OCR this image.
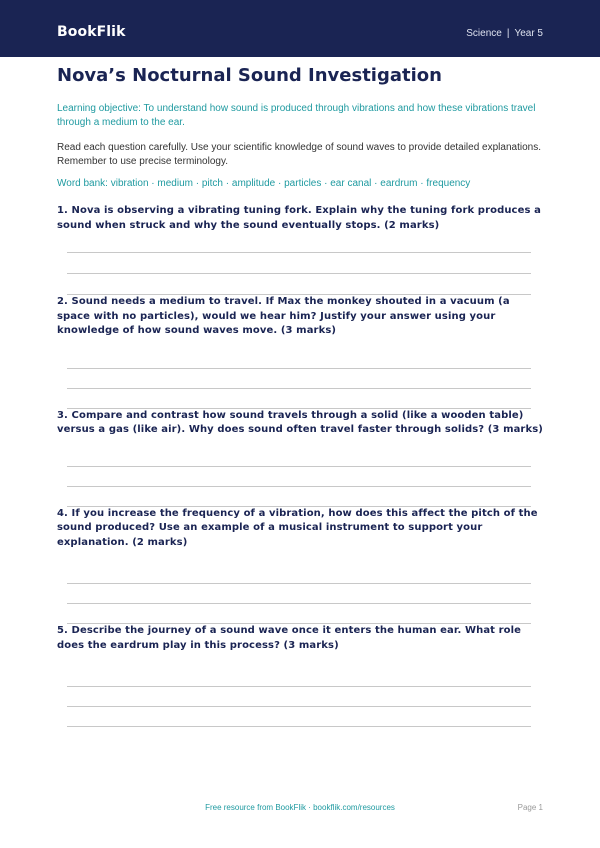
BookFlik	Science | Year 5
Nova’s Nocturnal Sound Investigation
Learning objective: To understand how sound is produced through vibrations and how these vibrations travel through a medium to the ear.
Read each question carefully. Use your scientific knowledge of sound waves to provide detailed explanations. Remember to use precise terminology.
Word bank: vibration · medium · pitch · amplitude · particles · ear canal · eardrum · frequency
1. Nova is observing a vibrating tuning fork. Explain why the tuning fork produces a sound when struck and why the sound eventually stops. (2 marks)
2. Sound needs a medium to travel. If Max the monkey shouted in a vacuum (a space with no particles), would we hear him? Justify your answer using your knowledge of how sound waves move. (3 marks)
3. Compare and contrast how sound travels through a solid (like a wooden table) versus a gas (like air). Why does sound often travel faster through solids? (3 marks)
4. If you increase the frequency of a vibration, how does this affect the pitch of the sound produced? Use an example of a musical instrument to support your explanation. (2 marks)
5. Describe the journey of a sound wave once it enters the human ear. What role does the eardrum play in this process? (3 marks)
Free resource from BookFlik · bookflik.com/resources	Page 1
